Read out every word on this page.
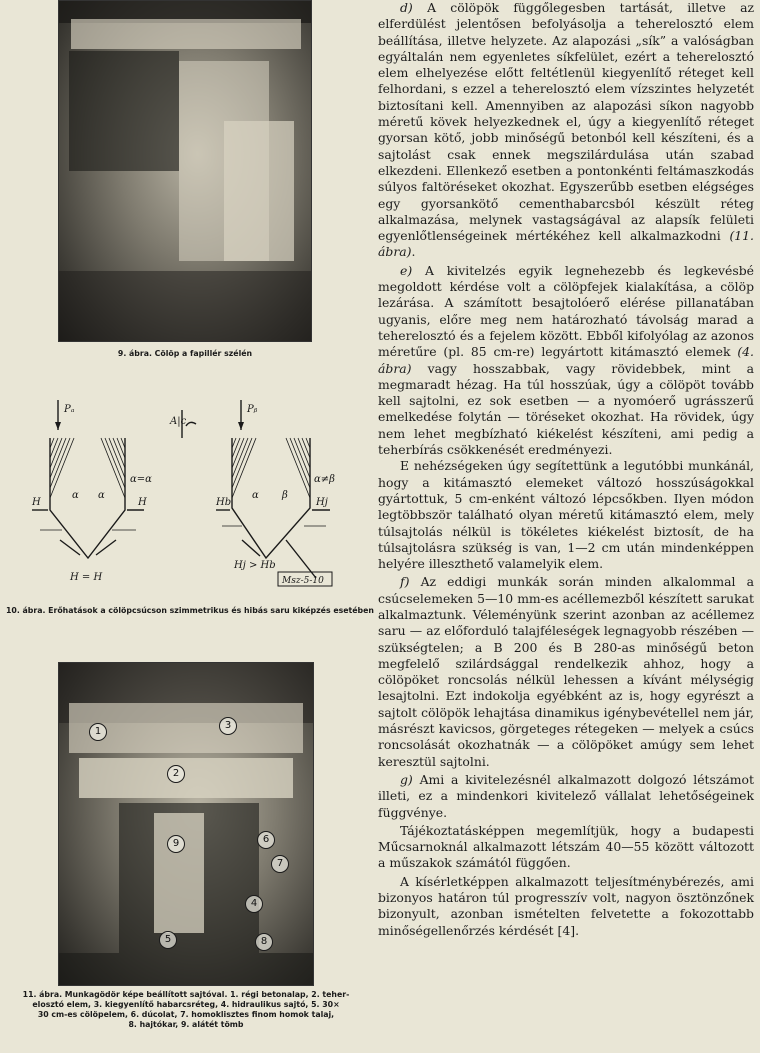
9. ábra. Cölöp a fapillér szélén
Pₐ	Pᵦ
α=α	α≠β
H	H
α α
H = H
Hb	Hj
α β
Hj > Hb
A|c
Msz-5-10
10. ábra. Erőhatások a cölöpcsúcson szimmetrikus és hibás saru kiképzés esetében
1
2
3
4
5
6
7
8
9
11. ábra. Munkagödör képe beállított sajtóval. 1. régi betonalap, 2. teher-
elosztó elem, 3. kiegyenlítő habarcsréteg, 4. hidraulikus sajtó, 5. 30×
30 cm-es cölöpelem, 6. dúcolat, 7. homoklisztes finom homok talaj,
8. hajtókar, 9. alátét tömb

d) A cölöpök függőlegesben tartását, illetve az elferdülést jelentősen befolyásolja a teherelosztó elem beállítása, illetve helyzete. Az alapozási „sík” a valóságban egyáltalán nem egyenletes síkfelület, ezért a teherelosztó elem elhelyezése előtt feltétlenül kiegyenlítő réteget kell felhordani, s ezzel a teherelosztó elem vízszintes helyzetét biztosítani kell. Amennyiben az alapozási síkon nagyobb méretű kövek helyezkednek el, úgy a kiegyenlítő réteget gyorsan kötő, jobb minőségű betonból kell készíteni, és a sajtolást csak ennek megszilárdulása után szabad elkezdeni. Ellenkező esetben a pontonkénti feltámaszkodás súlyos faltöréseket okozhat. Egyszerűbb esetben elégséges egy gyorsankötő cementhabarcsból készült réteg alkalmazása, melynek vastagságával az alapsík felületi egyenlőtlenségeinek mértékéhez kell alkalmazkodni (11. ábra).

e) A kivitelzés egyik legnehezebb és legkevésbé megoldott kérdése volt a cölöpfejek kialakítása, a cölöp lezárása. A számított besajtolóerő elérése pillanatában ugyanis, előre meg nem határozható távolság marad a teherelosztó és a fejelem között. Ebből kifolyólag az azonos méretűre (pl. 85 cm-re) legyártott kitámasztó elemek (4. ábra) vagy hosszabbak, vagy rövidebbek, mint a megmaradt hézag. Ha túl hosszúak, úgy a cölöpöt tovább kell sajtolni, ez sok esetben — a nyomóerő ugrásszerű emelkedése folytán — töréseket okozhat. Ha rövidek, úgy nem lehet megbízható kiékelést készíteni, ami pedig a teherbírás csökkenését eredményezi.

E nehézségeken úgy segítettünk a legutóbbi munkánál, hogy a kitámasztó elemeket változó hosszúságokkal gyártottuk, 5 cm-enként változó lépcsőkben. Ilyen módon legtöbbször található olyan méretű kitámasztó elem, mely túlsajtolás nélkül is tökéletes kiékelést biztosít, de ha túlsajtolásra szükség is van, 1—2 cm után mindenképpen helyére illeszthető valamelyik elem.

f) Az eddigi munkák során minden alkalommal a csúcselemeken 5—10 mm-es acéllemezből készített sarukat alkalmaztunk. Véleményünk szerint azonban az acéllemez saru — az előforduló talajféleségek legnagyobb részében — szükségtelen; a B 200 és B 280-as minőségű beton megfelelő szilárdsággal rendelkezik ahhoz, hogy a cölöpöket roncsolás nélkül lehessen a kívánt mélységig lesajtolni. Ezt indokolja egyébként az is, hogy egyrészt a sajtolt cölöpök lehajtása dinamikus igénybevétellel nem jár, másrészt kavicsos, görgeteges rétegeken — melyek a csúcs roncsolását okozhatnák — a cölöpöket amúgy sem lehet keresztül sajtolni.

g) Ami a kivitelezésnél alkalmazott dolgozó létszámot illeti, ez a mindenkori kivitelező vállalat lehetőségeinek függvénye.

Tájékoztatásképpen megemlítjük, hogy a budapesti Műcsarnoknál alkalmazott létszám 40—55 között változott a műszakok számától függően.

A kísérletképpen alkalmazott teljesítménybérezés, ami bizonyos határon túl progresszív volt, nagyon ösztönzőnek bizonyult, azonban ismételten felvetette a fokozottabb minőségellenőrzés kérdését [4].
